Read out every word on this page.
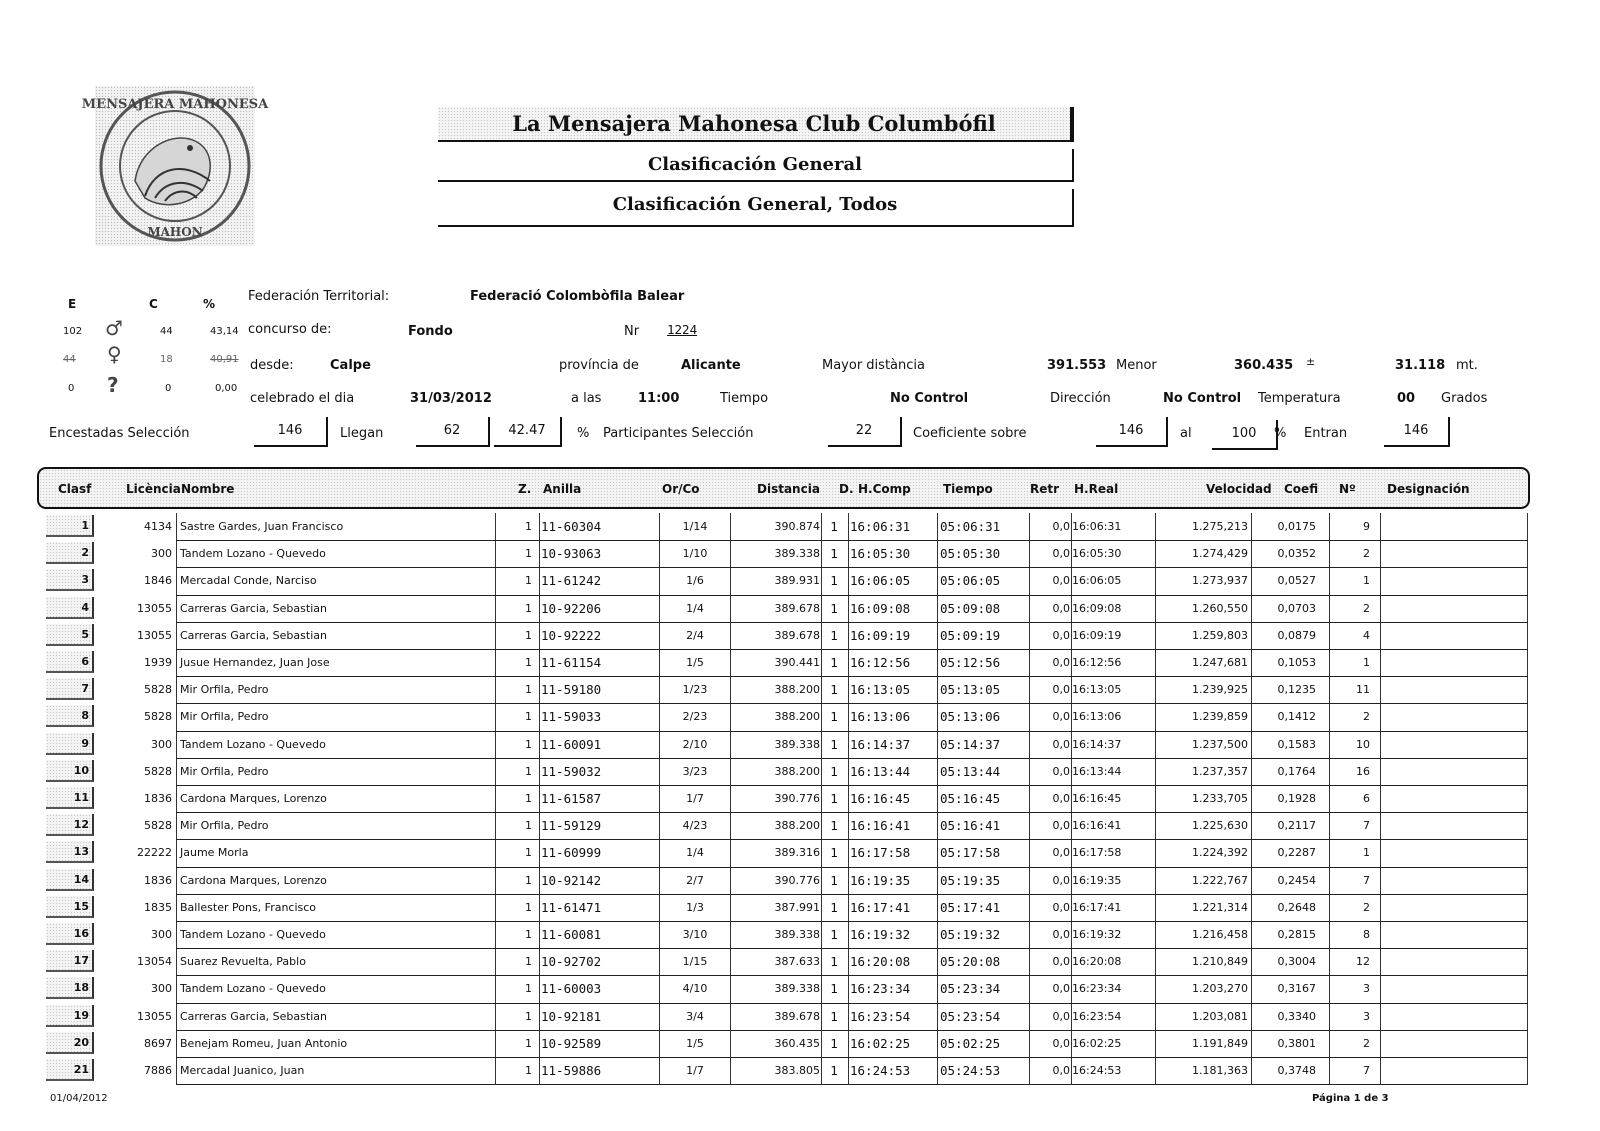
MENSAJERA MAHONESA
MAHON
La Mensajera Mahonesa Club Columbófil
Clasificación General
Clasificación General, Todos
E	C	%
102 ♂	44	43,14
44 ♀	18	40,91
0 ?	0	0,00
Federación Territorial:	Federació Colombòfila Balear
concurso de:	Fondo	Nr 1224
desde:	Calpe	província de	Alicante	Mayor distància	391.553 Menor	360.435 ±	31.118 mt.
celebrado el dia	31/03/2012	a las	11:00	Tiempo	No Control	Dirección	No Control Temperatura	00 Grados
Encestadas Selección	146	Llegan	62	42.47	% Participantes Selección	22	Coeficiente sobre	146	al	100	% Entran	146
Clasf	Licència Nombre	Z. Anilla	Or/Co	Distancia D. H.Comp	Tiempo	Retr H.Real	Velocidad Coefi Nº	Designación
1	4134 Sastre Gardes, Juan Francisco	1 11-60304	1/14	390.874 1 16:06:31	05:06:31	0,0 16:06:31	1.275,213	0,0175	9
2	300 Tandem Lozano - Quevedo	1 10-93063	1/10	389.338 1 16:05:30	05:05:30	0,0 16:05:30	1.274,429	0,0352	2
3	1846 Mercadal Conde, Narciso	1 11-61242	1/6	389.931 1 16:06:05	05:06:05	0,0 16:06:05	1.273,937	0,0527	1
4	13055 Carreras Garcia, Sebastian	1 10-92206	1/4	389.678 1 16:09:08	05:09:08	0,0 16:09:08	1.260,550	0,0703	2
5	13055 Carreras Garcia, Sebastian	1 10-92222	2/4	389.678 1 16:09:19	05:09:19	0,0 16:09:19	1.259,803	0,0879	4
6	1939 Jusue Hernandez, Juan Jose	1 11-61154	1/5	390.441 1 16:12:56	05:12:56	0,0 16:12:56	1.247,681	0,1053	1
7	5828 Mir Orfila, Pedro	1 11-59180	1/23	388.200 1 16:13:05	05:13:05	0,0 16:13:05	1.239,925	0,1235	11
8	5828 Mir Orfila, Pedro	1 11-59033	2/23	388.200 1 16:13:06	05:13:06	0,0 16:13:06	1.239,859	0,1412	2
9	300 Tandem Lozano - Quevedo	1 11-60091	2/10	389.338 1 16:14:37	05:14:37	0,0 16:14:37	1.237,500	0,1583	10
10	5828 Mir Orfila, Pedro	1 11-59032	3/23	388.200 1 16:13:44	05:13:44	0,0 16:13:44	1.237,357	0,1764	16
11	1836 Cardona Marques, Lorenzo	1 11-61587	1/7	390.776 1 16:16:45	05:16:45	0,0 16:16:45	1.233,705	0,1928	6
12	5828 Mir Orfila, Pedro	1 11-59129	4/23	388.200 1 16:16:41	05:16:41	0,0 16:16:41	1.225,630	0,2117	7
13	22222 Jaume Morla	1 11-60999	1/4	389.316 1 16:17:58	05:17:58	0,0 16:17:58	1.224,392	0,2287	1
14	1836 Cardona Marques, Lorenzo	1 10-92142	2/7	390.776 1 16:19:35	05:19:35	0,0 16:19:35	1.222,767	0,2454	7
15	1835 Ballester Pons, Francisco	1 11-61471	1/3	387.991 1 16:17:41	05:17:41	0,0 16:17:41	1.221,314	0,2648	2
16	300 Tandem Lozano - Quevedo	1 11-60081	3/10	389.338 1 16:19:32	05:19:32	0,0 16:19:32	1.216,458	0,2815	8
17	13054 Suarez Revuelta, Pablo	1 10-92702	1/15	387.633 1 16:20:08	05:20:08	0,0 16:20:08	1.210,849	0,3004	12
18	300 Tandem Lozano - Quevedo	1 11-60003	4/10	389.338 1 16:23:34	05:23:34	0,0 16:23:34	1.203,270	0,3167	3
19	13055 Carreras Garcia, Sebastian	1 10-92181	3/4	389.678 1 16:23:54	05:23:54	0,0 16:23:54	1.203,081	0,3340	3
20	8697 Benejam Romeu, Juan Antonio	1 10-92589	1/5	360.435 1 16:02:25	05:02:25	0,0 16:02:25	1.191,849	0,3801	2
21	7886 Mercadal Juanico, Juan	1 11-59886	1/7	383.805 1 16:24:53	05:24:53	0,0 16:24:53	1.181,363	0,3748	7
01/04/2012	Página 1 de 3
